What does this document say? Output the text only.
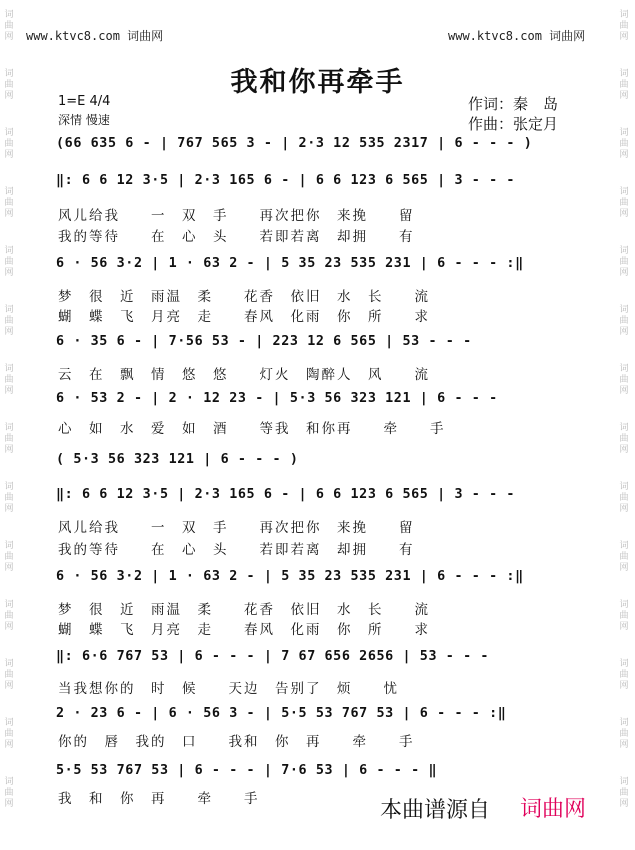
词
曲
网
词
曲
网
词
曲
网
词
曲
网
词
曲
网
词
曲
网
词
曲
网
词
曲
网
词
曲
网
词
曲
网
词
曲
网
词
曲
网
词
曲
网
词
曲
网
词
曲
网
词
曲
网
词
曲
网
词
曲
网
词
曲
网
词
曲
网
词
曲
网
词
曲
网
词
曲
网
词
曲
网
词
曲
网
词
曲
网
词
曲
网
词
曲
网
www.ktvc8.com 词曲网	www.ktvc8.com 词曲网
我和你再牵手
1=E 4/4
深情 慢速
作词：秦　岛
作曲：张定月
(66 635 6 - | 767 565 3 - | 2·3 12 535 2317 | 6 - - - )
‖: 6 6 12 3·5 | 2·3 165 6 - | 6 6 123 6 565 | 3 - - -
风儿给我　　一　双　手　　再次把你　来挽　　留
我的等待　　在　心　头　　若即若离　却拥　　有
6 · 56 3·2 | 1 · 63 2 - | 5 35 23 535 231 | 6 - - - :‖
梦　很　近　雨温　柔　　花香　依旧　水　长　　流
蝴　蝶　飞　月亮　走　　春风　化雨　你　所　　求
6 · 35 6 - | 7·56 53 - | 223 12 6 565 | 53 - - -
云　在　飘　情　悠　悠　　灯火　陶醉人　风　　流
6 · 53 2 - | 2 · 12 23 - | 5·3 56 323 121 | 6 - - -
心　如　水　爱　如　酒　　等我　和你再　　牵　　手
( 5·3 56 323 121 | 6 - - - )
‖: 6 6 12 3·5 | 2·3 165 6 - | 6 6 123 6 565 | 3 - - -
风儿给我　　一　双　手　　再次把你　来挽　　留
我的等待　　在　心　头　　若即若离　却拥　　有
6 · 56 3·2 | 1 · 63 2 - | 5 35 23 535 231 | 6 - - - :‖
梦　很　近　雨温　柔　　花香　依旧　水　长　　流
蝴　蝶　飞　月亮　走　　春风　化雨　你　所　　求
‖: 6·6 767 53 | 6 - - - | 7 67 656 2656 | 53 - - -
当我想你的　时　候　　天边　告别了　烦　　忧
2 · 23 6 - | 6 · 56 3 - | 5·5 53 767 53 | 6 - - - :‖
你的　唇　我的　口　　我和　你　再　　牵　　手
5·5 53 767 53 | 6 - - - | 7·6 53 | 6 - - - ‖
我　和　你　再　　牵　　手	本曲谱源自 词曲网
